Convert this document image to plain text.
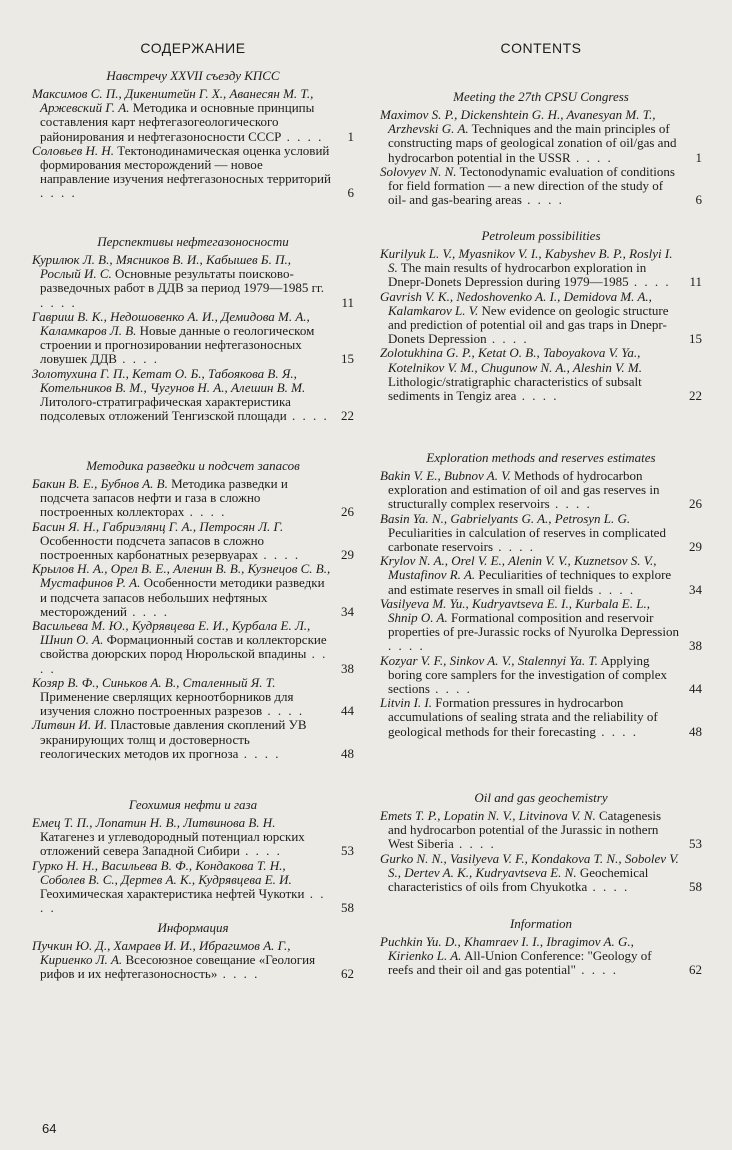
СОДЕРЖАНИЕ
Навстречу XXVII съезду КПСС
Максимов С. П., Дикенштейн Г. Х., Аванесян М. Т., Аржевский Г. А. Методика и основные принципы составления карт нефтегазогеологического районирования и нефтегазоносности СССР . . . . 1
Соловьев Н. Н. Тектонодинамическая оценка условий формирования месторождений — новое направление изучения нефтегазоносных территорий . . . .	6
Перспективы нефтегазоносности
Курилюк Л. В., Мясников В. И., Кабышев Б. П., Рослый И. С. Основные результаты поисково-разведочных работ в ДДВ за период 1979—1985 гг. . . . .	11
Гавриш В. К., Недошовенко А. И., Демидова М. А., Каламкаров Л. В. Новые данные о геологическом строении и прогнозировании нефтегазоносных ловушек ДДВ . . . .	15
Золотухина Г. П., Кетат О. Б., Табоякова В. Я., Котельников В. М., Чугунов Н. А., Алешин В. М. Литолого-стратиграфическая характеристика подсолевых отложений Тенгизской площади . . . . 22
Методика разведки и подсчет запасов
Бакин В. Е., Бубнов А. В. Методика разведки и подсчета запасов нефти и газа в сложно построенных коллекторах . . . .	26
Басин Я. Н., Габриэлянц Г. А., Петросян Л. Г. Особенности подсчета запасов в сложно построенных карбонатных резервуарах . . . .	29
Крылов Н. А., Орел В. Е., Аленин В. В., Кузнецов С. В., Мустафинов Р. А. Особенности методики разведки и подсчета запасов небольших нефтяных месторождений . . . .	34
Васильева М. Ю., Кудрявцева Е. И., Курбала Е. Л., Шнип О. А. Формационный состав и коллекторские свойства доюрских пород Нюрольской впадины . . . .	38
Козяр В. Ф., Синьков А. В., Сталенный Я. Т. Применение сверлящих керноотборников для изучения сложно построенных разрезов . . . .	44
Литвин И. И. Пластовые давления скоплений УВ экранирующих толщ и достоверность геологических методов их прогноза . . . .	48
Геохимия нефти и газа
Емец Т. П., Лопатин Н. В., Литвинова В. Н. Катагенез и углеводородный потенциал юрских отложений севера Западной Сибири . . . .	53
Гурко Н. Н., Васильева В. Ф., Кондакова Т. Н., Соболев В. С., Дертев А. К., Кудрявцева Е. И. Геохимическая характеристика нефтей Чукотки . . . .	58
Информация
Пучкин Ю. Д., Хамраев И. И., Ибрагимов А. Г., Кириенко Л. А. Всесоюзное совещание «Геология рифов и их нефтегазоносность» . . . .	62
CONTENTS
Meeting the 27th CPSU Congress
Maximov S. P., Dickenshtein G. H., Avanesyan M. T., Arzhevski G. A. Techniques and the main principles of constructing maps of geological zonation of oil/gas and hydrocarbon potential in the USSR . . . .	1
Solovyev N. N. Tectonodynamic evaluation of conditions for field formation — a new direction of the study of oil- and gas-bearing areas . . . .	6
Petroleum possibilities
Kurilyuk L. V., Myasnikov V. I., Kabyshev B. P., Roslyi I. S. The main results of hydrocarbon exploration in Dnepr-Donets Depression during 1979—1985 . . . . 11
Gavrish V. K., Nedoshovenko A. I., Demidova M. A., Kalamkarov L. V. New evidence on geologic structure and prediction of potential oil and gas traps in Dnepr-Donets Depression . . . .	15
Zolotukhina G. P., Ketat O. B., Taboyakova V. Ya., Kotelnikov V. M., Chugunow N. A., Aleshin V. M. Lithologic/stratigraphic characteristics of subsalt sediments in Tengiz area . . . .	22
Exploration methods and reserves estimates
Bakin V. E., Bubnov A. V. Methods of hydrocarbon exploration and estimation of oil and gas reserves in structurally complex reservoirs . . . .	26
Basin Ya. N., Gabrielyants G. A., Petrosyn L. G. Peculiarities in calculation of reserves in complicated carbonate reservoirs . . . .	29
Krylov N. A., Orel V. E., Alenin V. V., Kuznetsov S. V., Mustafinov R. A. Peculiarities of techniques to explore and estimate reserves in small oil fields . . . .	34
Vasilyeva M. Yu., Kudryavtseva E. I., Kurbala E. L., Shnip O. A. Formational composition and reservoir properties of pre-Jurassic rocks of Nyurolka Depression . . . .	38
Kozyar V. F., Sinkov A. V., Stalennyi Ya. T. Applying boring core samplers for the investigation of complex sections . . . .	44
Litvin I. I. Formation pressures in hydrocarbon accumulations of sealing strata and the reliability of geological methods for their forecasting . . . .	48
Oil and gas geochemistry
Emets T. P., Lopatin N. V., Litvinova V. N. Catagenesis and hydrocarbon potential of the Jurassic in nothern West Siberia . . . .	53
Gurko N. N., Vasilyeva V. F., Kondakova T. N., Sobolev V. S., Dertev A. K., Kudryavtseva E. N. Geochemical characteristics of oils from Chyukotka . . . .	58
Information
Puchkin Yu. D., Khamraev I. I., Ibragimov A. G., Kirienko L. A. All-Union Conference: "Geology of reefs and their oil and gas potential" . . . .	62
64
